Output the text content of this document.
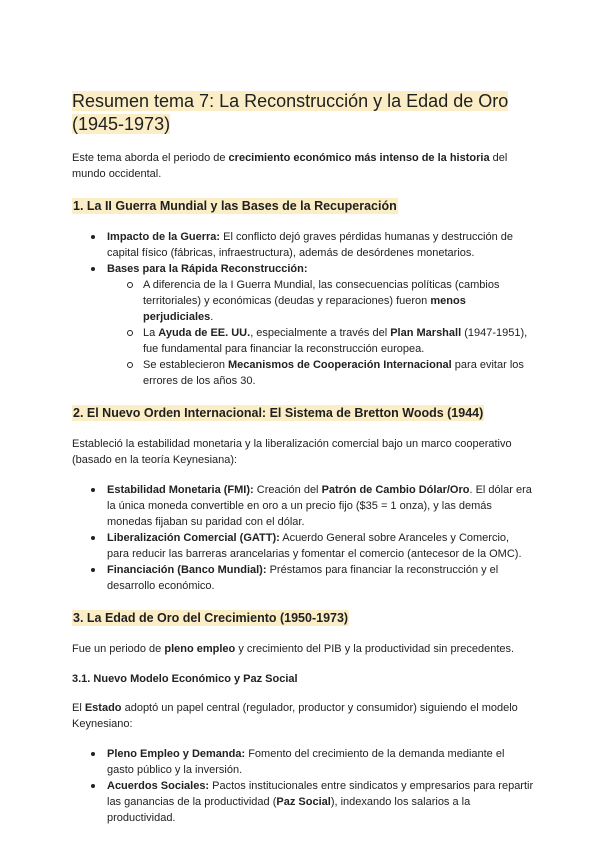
Resumen tema 7: La Reconstrucción y la Edad de Oro (1945-1973)

Este tema aborda el periodo de crecimiento económico más intenso de la historia del mundo occidental.

1. La II Guerra Mundial y las Bases de la Recuperación
Impacto de la Guerra: El conflicto dejó graves pérdidas humanas y destrucción de capital físico (fábricas, infraestructura), además de desórdenes monetarios.
Bases para la Rápida Reconstrucción:
A diferencia de la I Guerra Mundial, las consecuencias políticas (cambios territoriales) y económicas (deudas y reparaciones) fueron menos perjudiciales.
La Ayuda de EE. UU., especialmente a través del Plan Marshall (1947-1951), fue fundamental para financiar la reconstrucción europea.
Se establecieron Mecanismos de Cooperación Internacional para evitar los errores de los años 30.
2. El Nuevo Orden Internacional: El Sistema de Bretton Woods (1944)

Estableció la estabilidad monetaria y la liberalización comercial bajo un marco cooperativo (basado en la teoría Keynesiana):

Estabilidad Monetaria (FMI): Creación del Patrón de Cambio Dólar/Oro. El dólar era la única moneda convertible en oro a un precio fijo ($35 = 1 onza), y las demás monedas fijaban su paridad con el dólar.
Liberalización Comercial (GATT): Acuerdo General sobre Aranceles y Comercio, para reducir las barreras arancelarias y fomentar el comercio (antecesor de la OMC).
Financiación (Banco Mundial): Préstamos para financiar la reconstrucción y el desarrollo económico.
3. La Edad de Oro del Crecimiento (1950-1973)

Fue un periodo de pleno empleo y crecimiento del PIB y la productividad sin precedentes.

3.1. Nuevo Modelo Económico y Paz Social

El Estado adoptó un papel central (regulador, productor y consumidor) siguiendo el modelo Keynesiano:

Pleno Empleo y Demanda: Fomento del crecimiento de la demanda mediante el gasto público y la inversión.
Acuerdos Sociales: Pactos institucionales entre sindicatos y empresarios para repartir las ganancias de la productividad (Paz Social), indexando los salarios a la productividad.
